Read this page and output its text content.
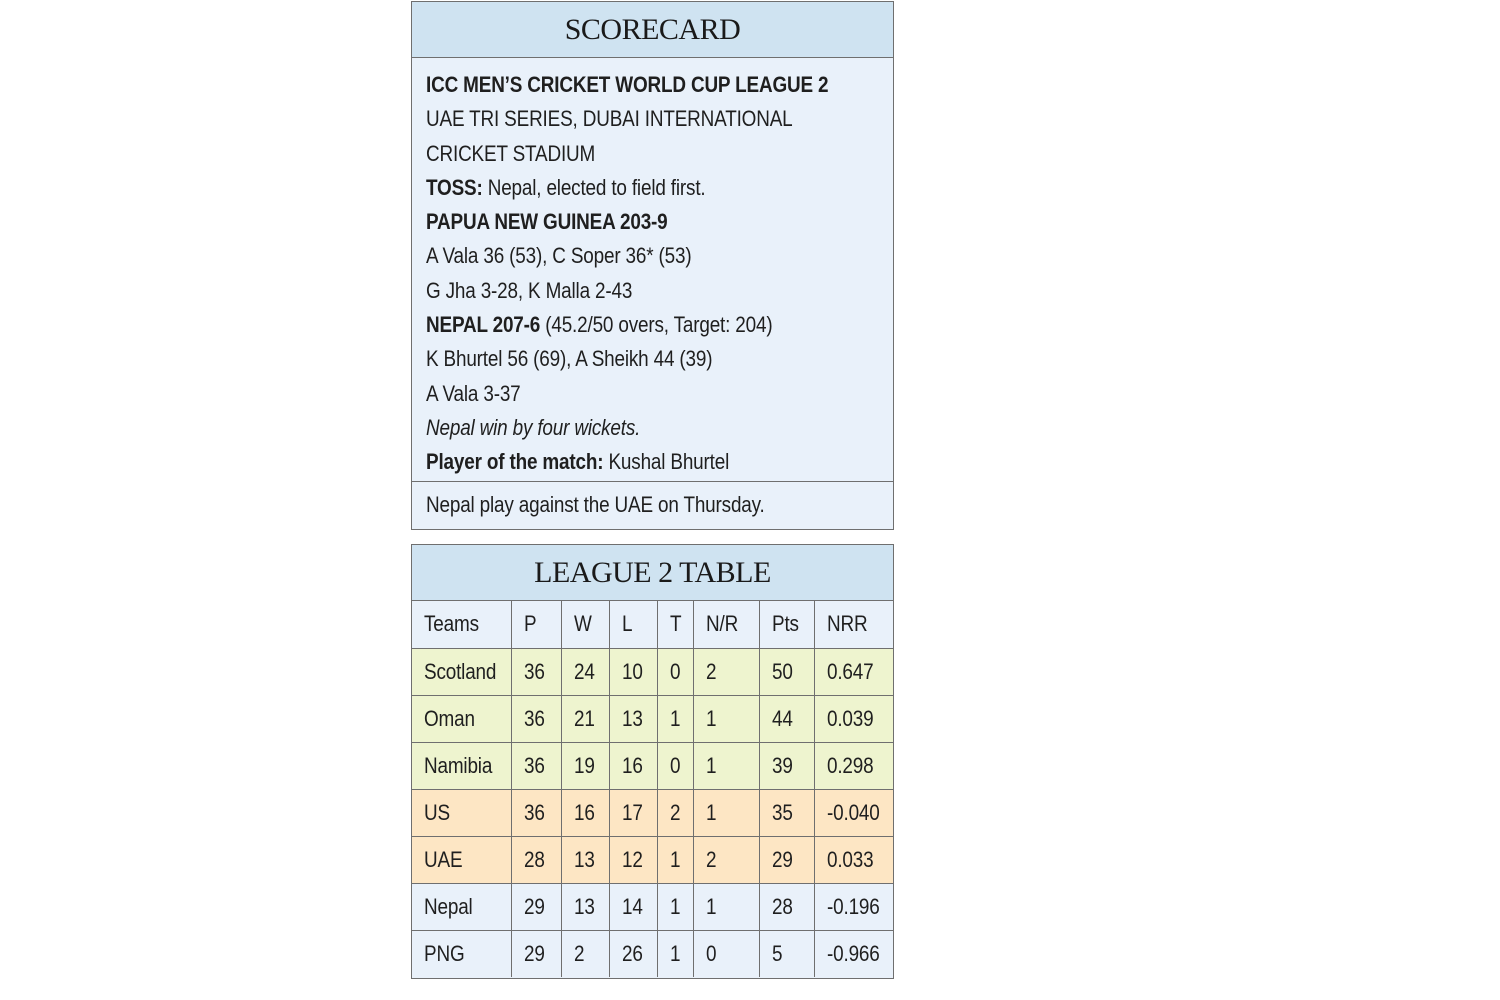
SCORECARD
ICC MEN’S CRICKET WORLD CUP LEAGUE 2
UAE TRI SERIES, DUBAI INTERNATIONAL
CRICKET STADIUM
TOSS: Nepal, elected to field first.
PAPUA NEW GUINEA 203-9
A Vala 36 (53), C Soper 36* (53)
G Jha 3-28, K Malla 2-43
NEPAL 207-6 (45.2/50 overs, Target: 204)
K Bhurtel 56 (69), A Sheikh 44 (39)
A Vala 3-37
Nepal win by four wickets.
Player of the match: Kushal Bhurtel
Nepal play against the UAE on Thursday.
LEAGUE 2 TABLE
Teams	P	W	L	T	N/R	Pts	NRR
Scotland	36	24	10	0	2	50	0.647
Oman	36	21	13	1	1	44	0.039
Namibia	36	19	16	0	1	39	0.298
US	36	16	17	2	1	35	-0.040
UAE	28	13	12	1	2	29	0.033
Nepal	29	13	14	1	1	28	-0.196
PNG	29	2	26	1	0	5	-0.966
